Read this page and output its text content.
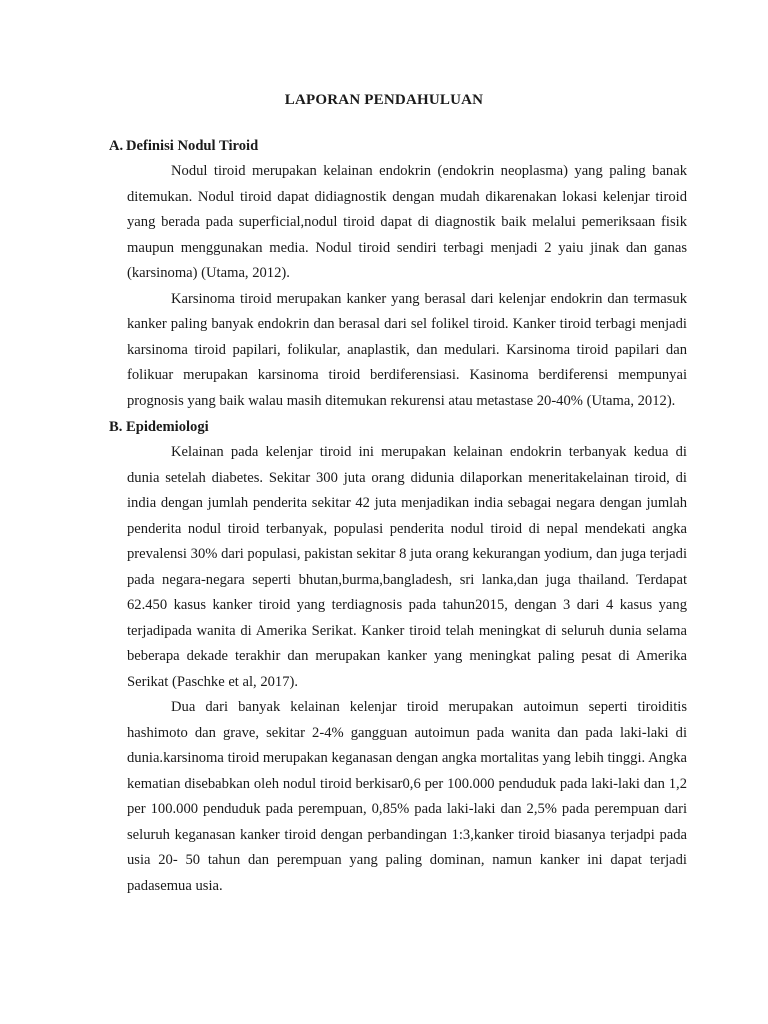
LAPORAN PENDAHULUAN
A. Definisi Nodul Tiroid

Nodul tiroid merupakan kelainan endokrin (endokrin neoplasma) yang paling banak ditemukan. Nodul tiroid dapat didiagnostik dengan mudah dikarenakan lokasi kelenjar tiroid yang berada pada superficial,nodul tiroid dapat di diagnostik baik melalui pemeriksaan fisik maupun menggunakan media. Nodul tiroid sendiri terbagi menjadi 2 yaiu jinak dan ganas (karsinoma) (Utama, 2012).

Karsinoma tiroid merupakan kanker yang berasal dari kelenjar endokrin dan termasuk kanker paling banyak endokrin dan berasal dari sel folikel tiroid. Kanker tiroid terbagi menjadi karsinoma tiroid papilari, folikular, anaplastik, dan medulari. Karsinoma tiroid papilari dan folikuar merupakan karsinoma tiroid berdiferensiasi. Kasinoma berdiferensi mempunyai prognosis yang baik walau masih ditemukan rekurensi atau metastase 20-40% (Utama, 2012).

B. Epidemiologi

Kelainan pada kelenjar tiroid ini merupakan kelainan endokrin terbanyak kedua di dunia setelah diabetes. Sekitar 300 juta orang didunia dilaporkan meneritakelainan tiroid, di india dengan jumlah penderita sekitar 42 juta menjadikan india sebagai negara dengan jumlah penderita nodul tiroid terbanyak, populasi penderita nodul tiroid di nepal mendekati angka prevalensi 30% dari populasi, pakistan sekitar 8 juta orang kekurangan yodium, dan juga terjadi pada negara-negara seperti bhutan,burma,bangladesh, sri lanka,dan juga thailand. Terdapat 62.450 kasus kanker tiroid yang terdiagnosis pada tahun2015, dengan 3 dari 4 kasus yang terjadipada wanita di Amerika Serikat. Kanker tiroid telah meningkat di seluruh dunia selama beberapa dekade terakhir dan merupakan kanker yang meningkat paling pesat di Amerika Serikat (Paschke et al, 2017).

Dua dari banyak kelainan kelenjar tiroid merupakan autoimun seperti tiroiditis hashimoto dan grave, sekitar 2-4% gangguan autoimun pada wanita dan pada laki-laki di dunia.karsinoma tiroid merupakan keganasan dengan angka mortalitas yang lebih tinggi. Angka kematian disebabkan oleh nodul tiroid berkisar0,6 per 100.000 penduduk pada laki-laki dan 1,2 per 100.000 penduduk pada perempuan, 0,85% pada laki-laki dan 2,5% pada perempuan dari seluruh keganasan kanker tiroid dengan perbandingan 1:3,kanker tiroid biasanya terjadpi pada usia 20- 50 tahun dan perempuan yang paling dominan, namun kanker ini dapat terjadi padasemua usia.
